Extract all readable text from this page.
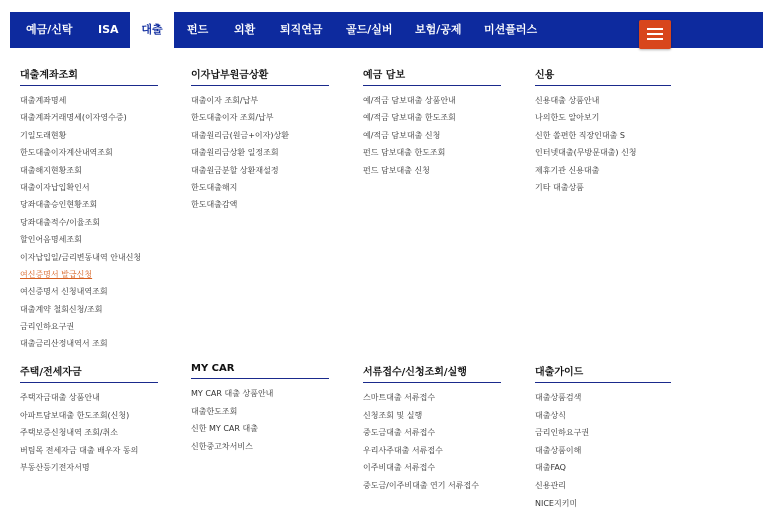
예금/신탁 ISA	대출	펀드 외환 퇴직연금 골드/실버 보험/공제 미션플러스
대출계좌조회
대출계좌명세
대출계좌거래명세(이자영수증)
기일도래현황
한도대출이자계산내역조회
대출해지현황조회
대출이자납입확인서
당좌대출승인현황조회
당좌대출적수/이율조회
할인어음명세조회
이자납입일/금리변동내역 안내신청
여신증명서 발급신청
여신증명서 신청내역조회
대출계약 철회신청/조회
금리인하요구권
대출금리산정내역서 조회
이자납부원금상환
대출이자 조회/납부
한도대출이자 조회/납부
대출원리금(원금+이자)상환
대출원리금상환 일정조회
대출원금분할 상환재설정
한도대출해지
한도대출감액
예금 담보
예/적금 담보대출 상품안내
예/적금 담보대출 한도조회
예/적금 담보대출 신청
펀드 담보대출 한도조회
펀드 담보대출 신청
신용
신용대출 상품안내
나의한도 알아보기
신한 쏠편한 직장인대출 S
인터넷대출(무방문대출) 신청
제휴기관 신용대출
기타 대출상품
주택/전세자금
주택자금대출 상품안내
아파트담보대출 한도조회(신청)
주택보증신청내역 조회/취소
버팀목 전세자금 대출 배우자 동의
부동산등기전자서명
MY CAR
MY CAR 대출 상품안내
대출한도조회
신한 MY CAR 대출
신한중고차서비스
서류접수/신청조회/실행
스마트대출 서류접수
신청조회 및 실행
중도금대출 서류접수
우리사주대출 서류접수
이주비대출 서류접수
중도금/이주비대출 연기 서류접수
대출가이드
대출상품검색
대출상식
금리인하요구권
대출상품이해
대출FAQ
신용관리
NICE지키미
